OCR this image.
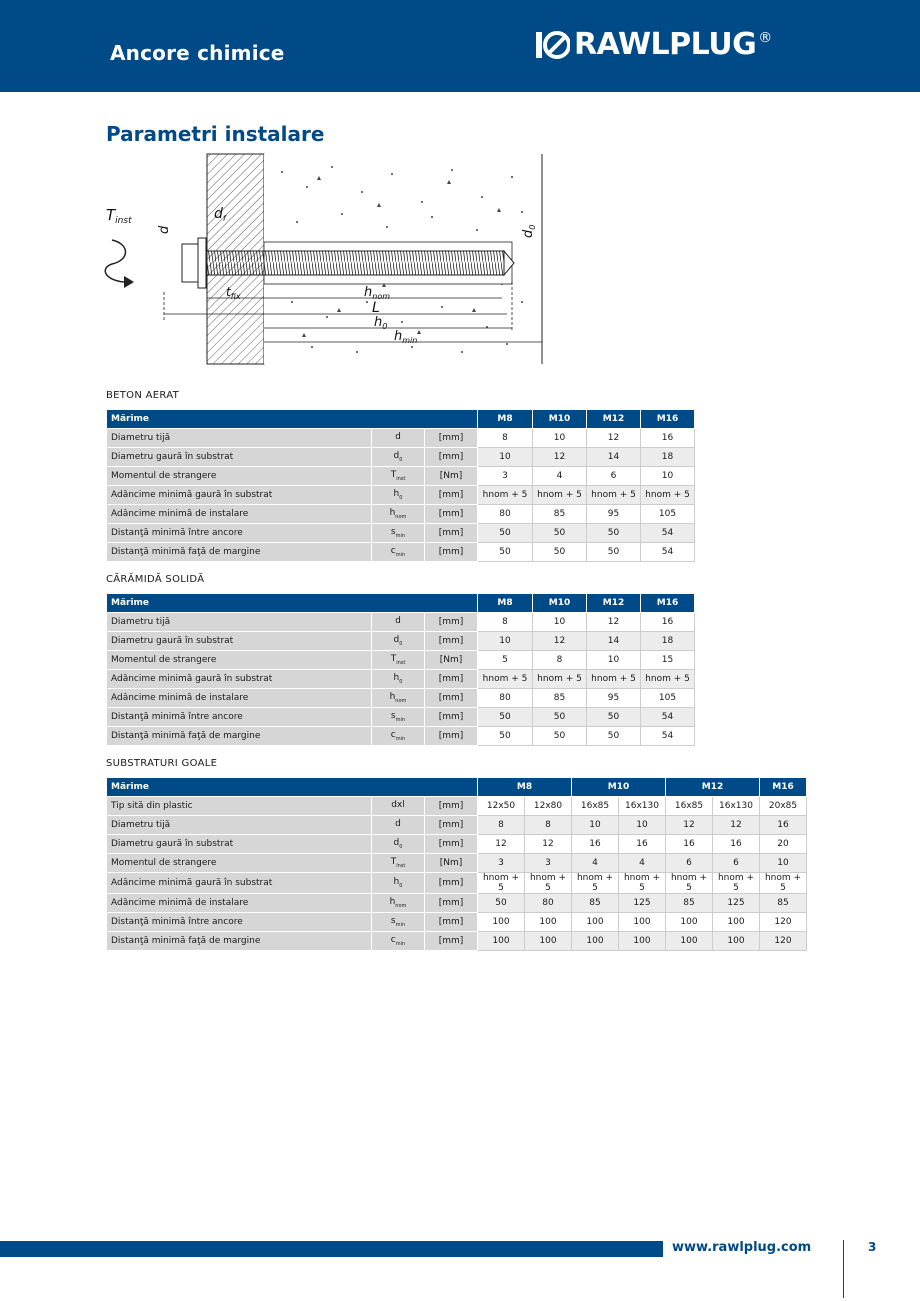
Ancore chimice	RAWLPLUG ®
Parametri instalare
$T_{inst}$
d
$d_f$
$d_0$
$t_{fix}$	$h_{nom}$
L
$h_0$
$h_{min}$
BETON AERAT
Mărime			M8	M10	M12	M16
Diametru tijă	d	[mm]	8	10	12	16
Diametru gaură în substrat	$d_0$	[mm]	10	12	14	18
Momentul de strangere	$T_{inst}$	[Nm]	3	4	6	10
Adâncime minimă gaură în substrat	$h_0$	[mm]	hnom + 5	hnom + 5	hnom + 5	hnom + 5
Adâncime minimă de instalare	$h_{nom}$	[mm]	80	85	95	105
Distanţă minimă între ancore	$s_{min}$	[mm]	50	50	50	54
Distanţă minimă faţă de margine	$c_{min}$	[mm]	50	50	50	54
CĂRĂMIDĂ SOLIDĂ
Mărime			M8	M10	M12	M16
Diametru tijă	d	[mm]	8	10	12	16
Diametru gaură în substrat	$d_0$	[mm]	10	12	14	18
Momentul de strangere	$T_{inst}$	[Nm]	5	8	10	15
Adâncime minimă gaură în substrat	$h_0$	[mm]	hnom + 5	hnom + 5	hnom + 5	hnom + 5
Adâncime minimă de instalare	$h_{nom}$	[mm]	80	85	95	105
Distanţă minimă între ancore	$s_{min}$	[mm]	50	50	50	54
Distanţă minimă faţă de margine	$c_{min}$	[mm]	50	50	50	54
SUBSTRATURI GOALE
Mărime			M8		M10		M12		M16
Tip sită din plastic	dxl	[mm]	12x50	12x80	16x85	16x130	16x85	16x130	20x85
Diametru tijă	d	[mm]	8	8	10	10	12	12	16
Diametru gaură în substrat	$d_0$	[mm]	12	12	16	16	16	16	20
Momentul de strangere	$T_{inst}$	[Nm]	3	3	4	4	6	6	10
Adâncime minimă gaură în substrat	$h_0$	[mm]	hnom + 5	hnom + 5	hnom + 5	hnom + 5	hnom + 5	hnom + 5	hnom + 5
Adâncime minimă de instalare	$h_{nom}$	[mm]	50	80	85	125	85	125	85
Distanţă minimă între ancore	$s_{min}$	[mm]	100	100	100	100	100	100	120
Distanţă minimă faţă de margine	$c_{min}$	[mm]	100	100	100	100	100	100	120
www.rawlplug.com	3
